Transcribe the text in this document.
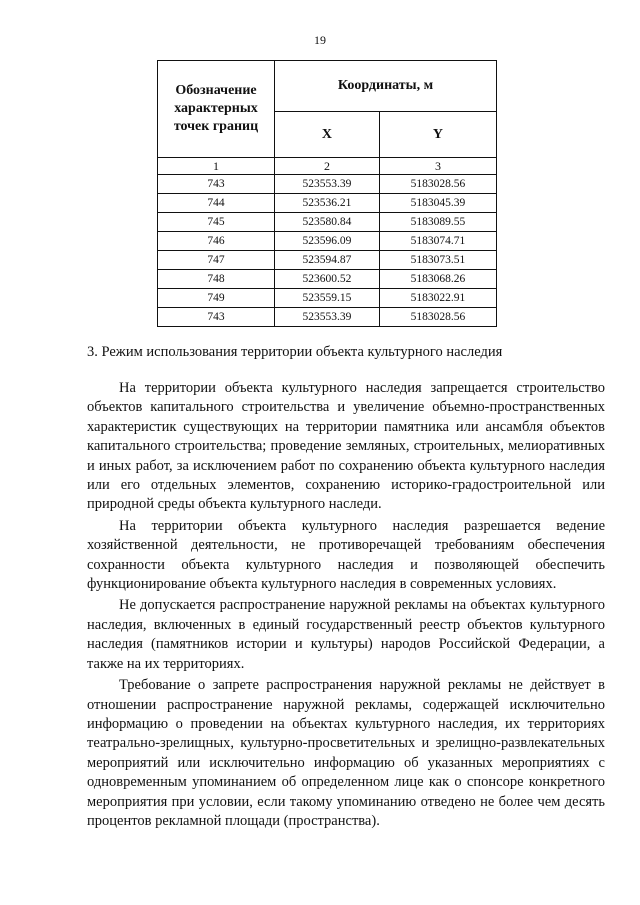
19
Обозначение характерных точек границ	Координаты, м	
	X	Y
1	2	3
743	523553.39	5183028.56
744	523536.21	5183045.39
745	523580.84	5183089.55
746	523596.09	5183074.71
747	523594.87	5183073.51
748	523600.52	5183068.26
749	523559.15	5183022.91
743	523553.39	5183028.56
3. Режим использования территории объекта культурного наследия

На территории объекта культурного наследия запрещается строительство объектов капитального строительства и увеличение объемно-пространственных характеристик существующих на территории памятника или ансамбля объектов капитального строительства; проведение земляных, строительных, мелиоративных и иных работ, за исключением работ по сохранению объекта культурного наследия или его отдельных элементов, сохранению историко-градостроительной или природной среды объекта культурного наследи.

На территории объекта культурного наследия разрешается ведение хозяйственной деятельности, не противоречащей требованиям обеспечения сохранности объекта культурного наследия и позволяющей обеспечить функционирование объекта культурного наследия в современных условиях.

Не допускается распространение наружной рекламы на объектах культурного наследия, включенных в единый государственный реестр объектов культурного наследия (памятников истории и культуры) народов Российской Федерации, а также на их территориях.

Требование о запрете распространения наружной рекламы не действует в отношении распространение наружной рекламы, содержащей исключительно информацию о проведении на объектах культурного наследия, их территориях театрально-зрелищных, культурно-просветительных и зрелищно-развлекательных мероприятий или исключительно информацию об указанных мероприятиях с одновременным упоминанием об определенном лице как о спонсоре конкретного мероприятия при условии, если такому упоминанию отведено не более чем десять процентов рекламной площади (пространства).
